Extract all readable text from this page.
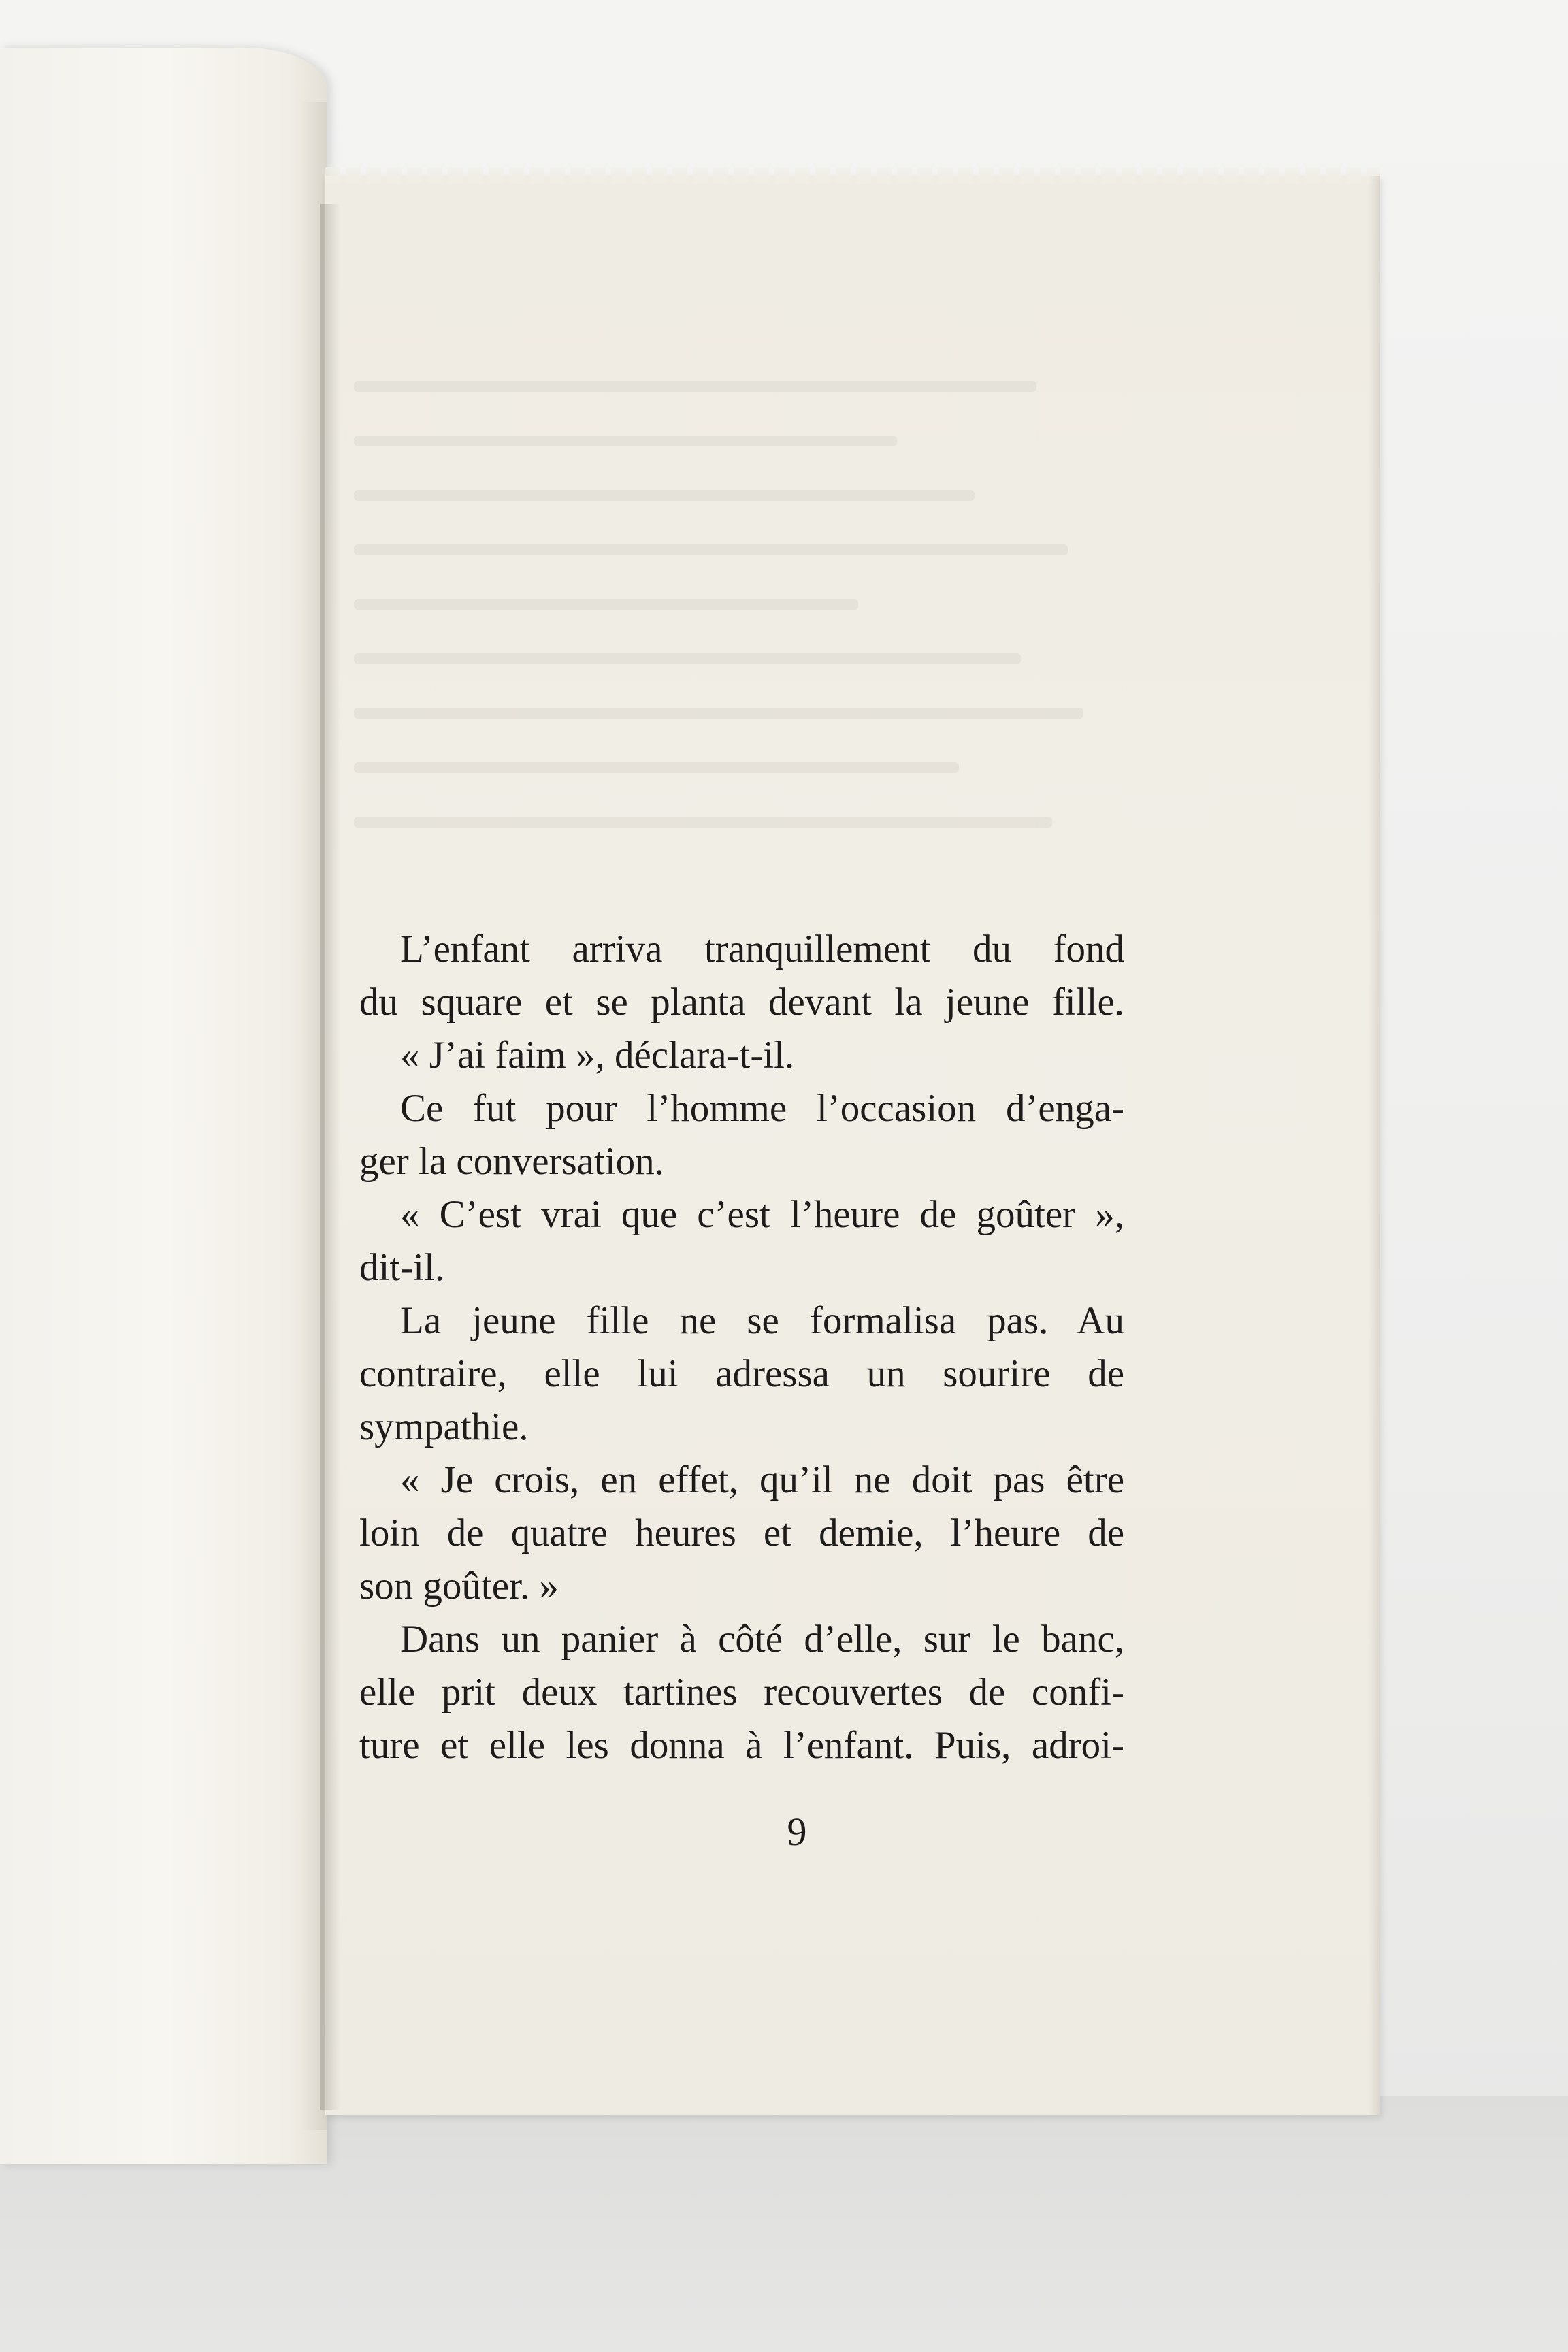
L’enfant arriva tranquillement du fond
du square et se planta devant la jeune fille.
« J’ai faim », déclara-t-il.
Ce fut pour l’homme l’occasion d’enga-
ger la conversation.
« C’est vrai que c’est l’heure de goûter »,
dit-il.
La jeune fille ne se formalisa pas. Au
contraire, elle lui adressa un sourire de
sympathie.
« Je crois, en effet, qu’il ne doit pas être
loin de quatre heures et demie, l’heure de
son goûter. »
Dans un panier à côté d’elle, sur le banc,
elle prit deux tartines recouvertes de confi-
ture et elle les donna à l’enfant. Puis, adroi-
9
